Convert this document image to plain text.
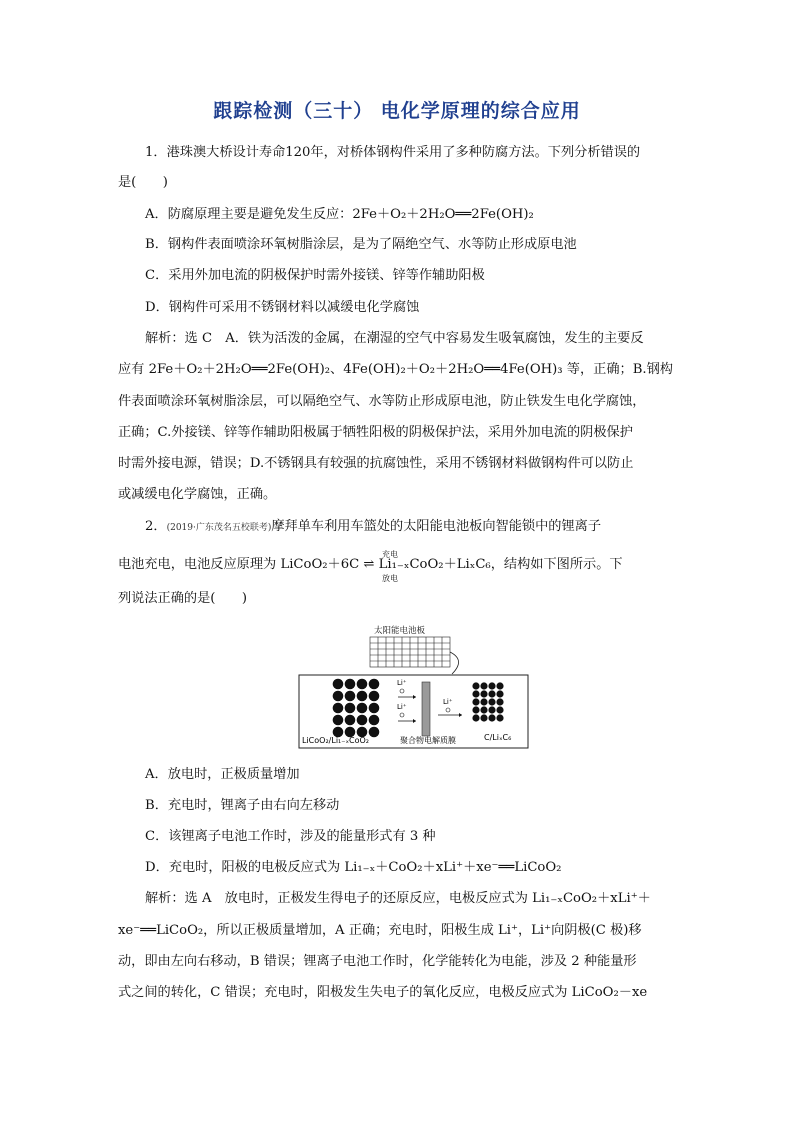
跟踪检测（三十） 电化学原理的综合应用
1．港珠澳大桥设计寿命120年，对桥体钢构件采用了多种防腐方法。下列分析错误的
是(　　)
A．防腐原理主要是避免发生反应：2Fe＋O₂＋2H₂O══2Fe(OH)₂
B．钢构件表面喷涂环氧树脂涂层，是为了隔绝空气、水等防止形成原电池
C．采用外加电流的阴极保护时需外接镁、锌等作辅助阳极
D．钢构件可采用不锈钢材料以减缓电化学腐蚀
解析：选 C　A．铁为活泼的金属，在潮湿的空气中容易发生吸氧腐蚀，发生的主要反
应有 2Fe＋O₂＋2H₂O══2Fe(OH)₂、4Fe(OH)₂＋O₂＋2H₂O══4Fe(OH)₃ 等，正确；B.钢构
件表面喷涂环氧树脂涂层，可以隔绝空气、水等防止形成原电池，防止铁发生电化学腐蚀，
正确；C.外接镁、锌等作辅助阳极属于牺牲阳极的阴极保护法，采用外加电流的阴极保护
时需外接电源，错误；D.不锈钢具有较强的抗腐蚀性，采用不锈钢材料做钢构件可以防止
或减缓电化学腐蚀，正确。
2．(2019·广东茂名五校联考)摩拜单车利用车篮处的太阳能电池板向智能锁中的锂离子
电池充电，电池反应原理为 LiCoO₂＋6C ⇌ Li₁₋ₓCoO₂＋LiₓC₆，结构如下图所示。下
充电
放电
列说法正确的是(　　)
太阳能电池板
Li⁺
Li⁺
Li⁺
LiCoO₂/Li₁₋ₓCoO₂	聚合物电解质膜	C/LiₓC₆
A．放电时，正极质量增加
B．充电时，锂离子由右向左移动
C．该锂离子电池工作时，涉及的能量形式有 3 种
D．充电时，阳极的电极反应式为 Li₁₋ₓ＋CoO₂＋xLi⁺＋xe⁻══LiCoO₂
解析：选 A　放电时，正极发生得电子的还原反应，电极反应式为 Li₁₋ₓCoO₂＋xLi⁺＋
xe⁻══LiCoO₂，所以正极质量增加，A 正确；充电时，阳极生成 Li⁺，Li⁺向阴极(C 极)移
动，即由左向右移动，B 错误；锂离子电池工作时，化学能转化为电能，涉及 2 种能量形
式之间的转化，C 错误；充电时，阳极发生失电子的氧化反应，电极反应式为 LiCoO₂－xe
